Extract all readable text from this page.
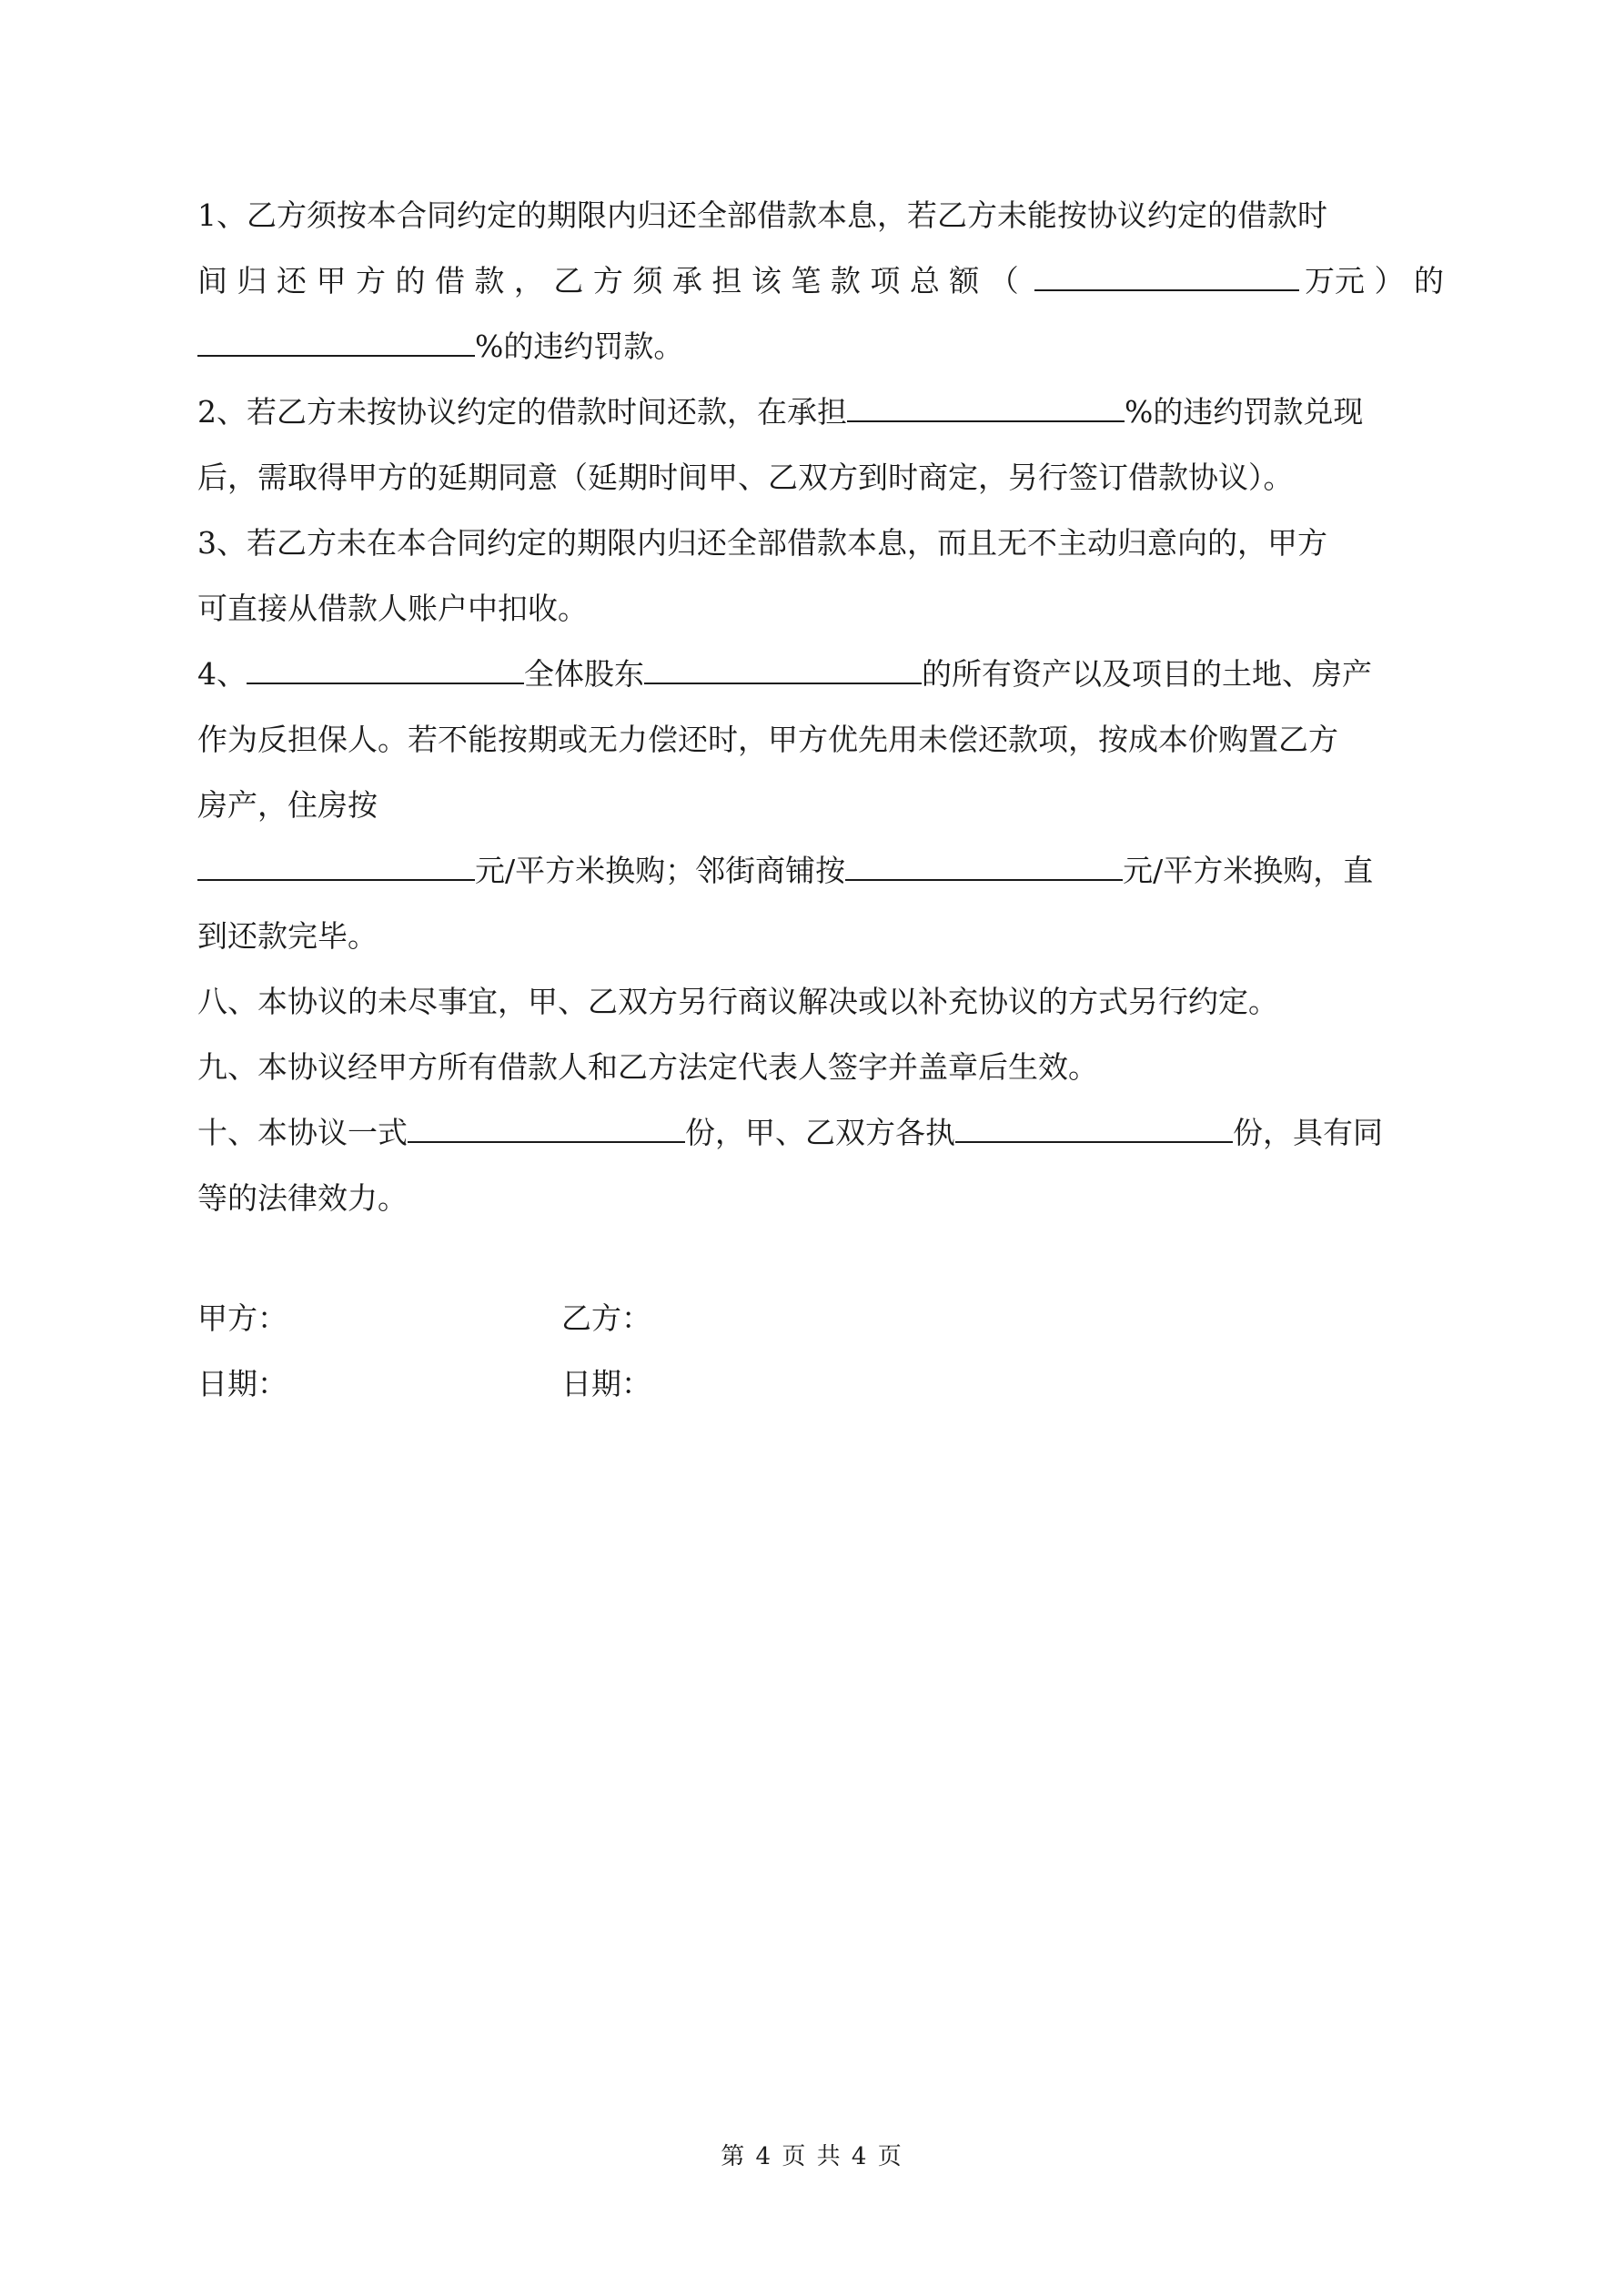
1、乙方须按本合同约定的期限内归还全部借款本息，若乙方未能按协议约定的借款时
间 归 还 甲 方 的 借 款 ， 乙 方 须 承 担 该 笔 款 项 总 额 （	万元 ） 的
%的违约罚款。
2、若乙方未按协议约定的借款时间还款，在承担	%的违约罚款兑现
后，需取得甲方的延期同意（延期时间甲、乙双方到时商定，另行签订借款协议）。
3、若乙方未在本合同约定的期限内归还全部借款本息，而且无不主动归意向的，甲方
可直接从借款人账户中扣收。
4、	全体股东	的所有资产以及项目的土地、房产
作为反担保人。若不能按期或无力偿还时，甲方优先用未偿还款项，按成本价购置乙方
房产，住房按
元/平方米换购；邻街商铺按	元/平方米换购，直
到还款完毕。
八、本协议的未尽事宜，甲、乙双方另行商议解决或以补充协议的方式另行约定。
九、本协议经甲方所有借款人和乙方法定代表人签字并盖章后生效。
十、本协议一式	份，甲、乙双方各执	份，具有同
等的法律效力。
甲方：	乙方：
日期：	日期：
第 4 页 共 4 页
